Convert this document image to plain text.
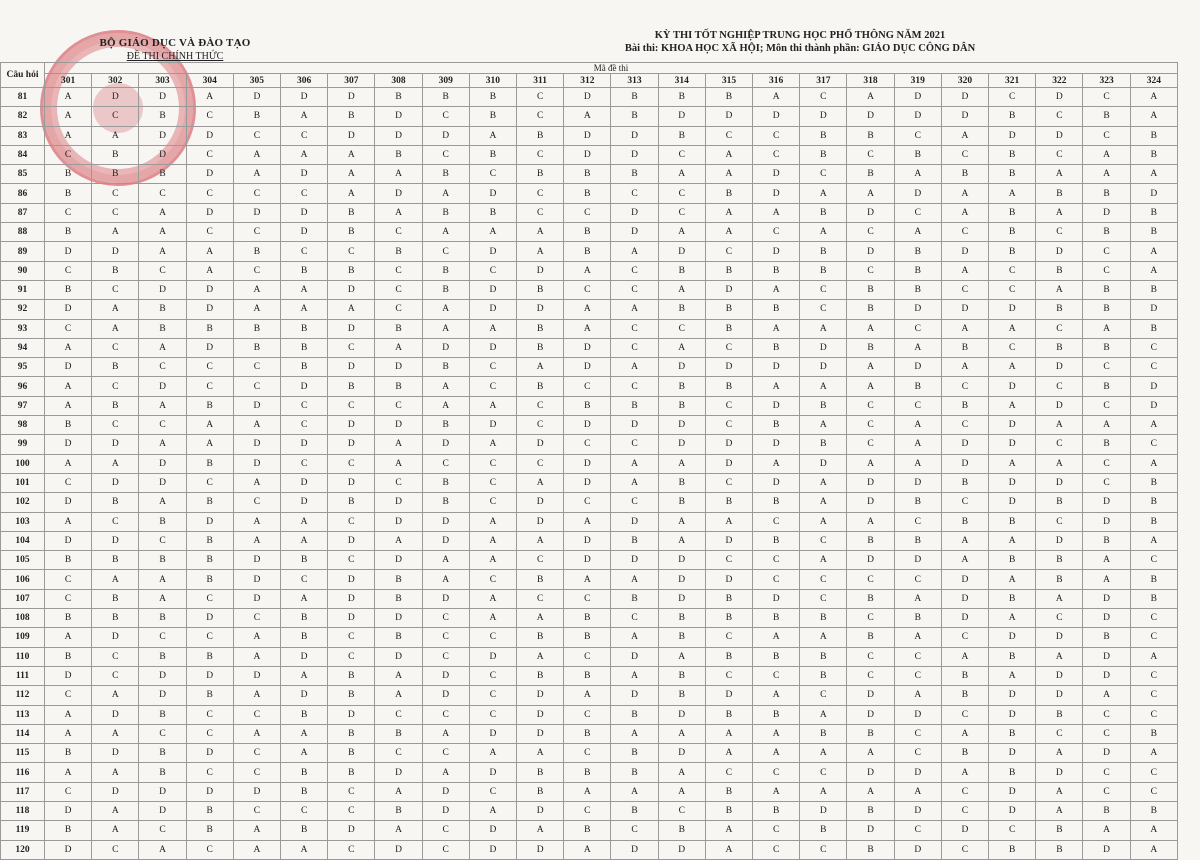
BỘ GIÁO DỤC VÀ ĐÀO TẠO
ĐỀ THI CHÍNH THỨC
KỲ THI TỐT NGHIỆP TRUNG HỌC PHỔ THÔNG NĂM 2021
Bài thi: KHOA HỌC XÃ HỘI; Môn thi thành phần: GIÁO DỤC CÔNG DÂN
Câu hỏi	Mã đề thi																							
	301	302	303	304	305	306	307	308	309	310	311	312	313	314	315	316	317	318	319	320	321	322	323	324
81	A	D	D	A	D	D	D	B	B	B	C	D	B	B	B	A	C	A	D	D	C	D	C	A
82	A	C	B	C	B	A	B	D	C	B	C	A	B	D	D	D	D	D	D	D	B	C	B	A
83	A	A	D	D	C	C	D	D	D	A	B	D	D	B	C	C	B	B	C	A	D	D	C	B
84	C	B	D	C	A	A	A	B	C	B	C	D	D	C	A	C	B	C	B	C	B	C	A	B
85	B	B	B	D	A	D	A	A	B	C	B	B	B	A	A	D	C	B	A	B	B	A	A	A
86	B	C	C	C	C	C	A	D	A	D	C	B	C	C	B	D	A	A	D	A	A	B	B	D
87	C	C	A	D	D	D	B	A	B	B	C	C	D	C	A	A	B	D	C	A	B	A	D	B
88	B	A	A	C	C	D	B	C	A	A	A	B	D	A	A	C	A	C	A	C	B	C	B	B
89	D	D	A	A	B	C	C	B	C	D	A	B	A	D	C	D	B	D	B	D	B	D	C	A
90	C	B	C	A	C	B	B	C	B	C	D	A	C	B	B	B	B	C	B	A	C	B	C	A
91	B	C	D	D	A	A	D	C	B	D	B	C	C	A	D	A	C	B	B	C	C	A	B	B
92	D	A	B	D	A	A	A	C	A	D	D	A	A	B	B	B	C	B	D	D	D	B	B	D
93	C	A	B	B	B	B	D	B	A	A	B	A	C	C	B	A	A	A	C	A	A	C	A	B
94	A	C	A	D	B	B	C	A	D	D	B	D	C	A	C	B	D	B	A	B	C	B	B	C
95	D	B	C	C	C	B	D	D	B	C	A	D	A	D	D	D	D	A	D	A	A	D	C	C
96	A	C	D	C	C	D	B	B	A	C	B	C	C	B	B	A	A	A	B	C	D	C	B	D
97	A	B	A	B	D	C	C	C	A	A	C	B	B	B	C	D	B	C	C	B	A	D	C	D
98	B	C	C	A	A	C	D	D	B	D	C	D	D	D	C	B	A	C	A	C	D	A	A	A
99	D	D	A	A	D	D	D	A	D	A	D	C	C	D	D	D	B	C	A	D	D	C	B	C
100	A	A	D	B	D	C	C	A	C	C	C	D	A	A	D	A	D	A	A	D	A	A	C	A
101	C	D	D	C	A	D	D	C	B	C	A	D	A	B	C	D	A	D	D	B	D	D	C	B
102	D	B	A	B	C	D	B	D	B	C	D	C	C	B	B	B	A	D	B	C	D	B	D	B
103	A	C	B	D	A	A	C	D	D	A	D	A	D	A	A	C	A	A	C	B	B	C	D	B
104	D	D	C	B	A	A	D	A	D	A	A	D	B	A	D	B	C	B	B	A	A	D	B	A
105	B	B	B	B	D	B	C	D	A	A	C	D	D	D	C	C	A	D	D	A	B	B	A	C
106	C	A	A	B	D	C	D	B	A	C	B	A	A	D	D	C	C	C	C	D	A	B	A	B
107	C	B	A	C	D	A	D	B	D	A	C	C	B	D	B	D	C	B	A	D	B	A	D	B
108	B	B	B	D	C	B	D	D	C	A	A	B	C	B	B	B	B	C	B	D	A	C	D	C
109	A	D	C	C	A	B	C	B	C	C	B	B	A	B	C	A	A	B	A	C	D	D	B	C
110	B	C	B	B	A	D	C	D	C	D	A	C	D	A	B	B	B	C	C	A	B	A	D	A
111	D	C	D	D	D	A	B	A	D	C	B	B	A	B	C	C	B	C	C	B	A	D	D	C
112	C	A	D	B	A	D	B	A	D	C	D	A	D	B	D	A	C	D	A	B	D	D	A	C
113	A	D	B	C	C	B	D	C	C	C	D	C	B	D	B	B	A	D	D	C	D	B	C	C
114	A	A	C	C	A	A	B	B	A	D	D	B	A	A	A	A	B	B	C	A	B	C	C	B
115	B	D	B	D	C	A	B	C	C	A	A	C	B	D	A	A	A	A	C	B	D	A	D	A
116	A	A	B	C	C	B	B	D	A	D	B	B	B	A	C	C	C	D	D	A	B	D	C	C
117	C	D	D	D	D	B	C	A	D	C	B	A	A	A	B	A	A	A	A	C	D	A	C	C
118	D	A	D	B	C	C	C	B	D	A	D	C	B	C	B	B	D	B	D	C	D	A	B	B
119	B	A	C	B	A	B	D	A	C	D	A	B	C	B	A	C	B	D	C	D	C	B	A	A
120	D	C	A	C	A	A	C	D	C	D	D	A	D	D	A	C	C	B	D	C	B	B	D	A
